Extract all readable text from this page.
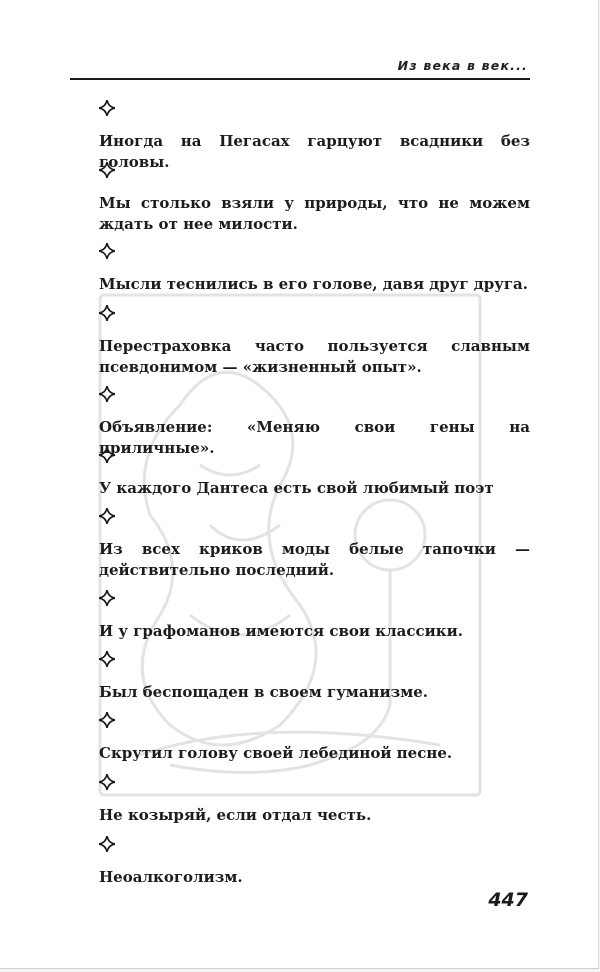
Из века в век...
Иногда на Пегасах гарцуют всадники без головы.
Мы столько взяли у природы, что не можем ждать от нее милости.
Мысли теснились в его голове, давя друг друга.
Перестраховка часто пользуется славным псевдонимом — «жизненный опыт».
Объявление: «Меняю свои гены на приличные».
У каждого Дантеса есть свой любимый поэт
Из всех криков моды белые тапочки — действительно последний.
И у графоманов имеются свои классики.
Был беспощаден в своем гуманизме.
Скрутил голову своей лебединой песне.
Не козыряй, если отдал честь.
Неоалкоголизм.
447
